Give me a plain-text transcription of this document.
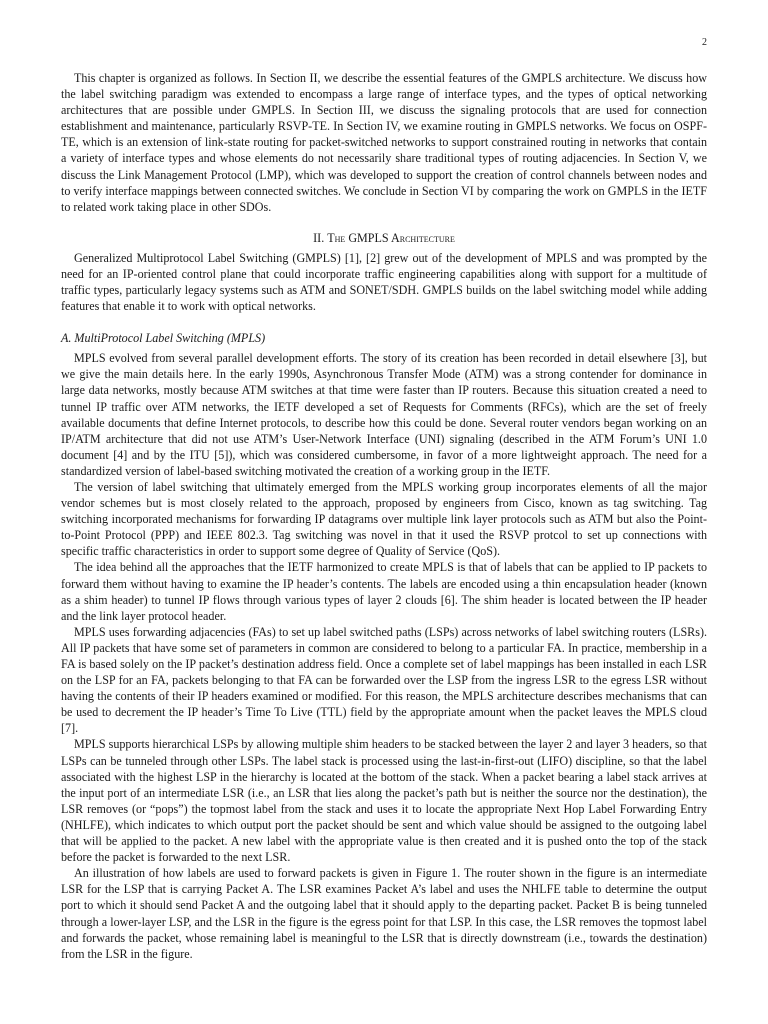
2

This chapter is organized as follows. In Section II, we describe the essential features of the GMPLS architecture. We discuss how the label switching paradigm was extended to encompass a large range of interface types, and the types of optical networking architectures that are possible under GMPLS. In Section III, we discuss the signaling protocols that are used for connection establishment and maintenance, particularly RSVP-TE. In Section IV, we examine routing in GMPLS networks. We focus on OSPF-TE, which is an extension of link-state routing for packet-switched networks to support constrained routing in networks that contain a variety of interface types and whose elements do not necessarily share traditional types of routing adjacencies. In Section V, we discuss the Link Management Protocol (LMP), which was developed to support the creation of control channels between nodes and to verify interface mappings between connected switches. We conclude in Section VI by comparing the work on GMPLS in the IETF to related work taking place in other SDOs.

II. The GMPLS Architecture

Generalized Multiprotocol Label Switching (GMPLS) [1], [2] grew out of the development of MPLS and was prompted by the need for an IP-oriented control plane that could incorporate traffic engineering capabilities along with support for a multitude of traffic types, particularly legacy systems such as ATM and SONET/SDH. GMPLS builds on the label switching model while adding features that enable it to work with optical networks.

A. MultiProtocol Label Switching (MPLS)

MPLS evolved from several parallel development efforts. The story of its creation has been recorded in detail elsewhere [3], but we give the main details here. In the early 1990s, Asynchronous Transfer Mode (ATM) was a strong contender for dominance in large data networks, mostly because ATM switches at that time were faster than IP routers. Because this situation created a need to tunnel IP traffic over ATM networks, the IETF developed a set of Requests for Comments (RFCs), which are the set of freely available documents that define Internet protocols, to describe how this could be done. Several router vendors began working on an IP/ATM architecture that did not use ATM’s User-Network Interface (UNI) signaling (described in the ATM Forum’s UNI 1.0 document [4] and by the ITU [5]), which was considered cumbersome, in favor of a more lightweight approach. The need for a standardized version of label-based switching motivated the creation of a working group in the IETF.

The version of label switching that ultimately emerged from the MPLS working group incorporates elements of all the major vendor schemes but is most closely related to the approach, proposed by engineers from Cisco, known as tag switching. Tag switching incorporated mechanisms for forwarding IP datagrams over multiple link layer protocols such as ATM but also the Point-to-Point Protocol (PPP) and IEEE 802.3. Tag switching was novel in that it used the RSVP protcol to set up connections with specific traffic characteristics in order to support some degree of Quality of Service (QoS).

The idea behind all the approaches that the IETF harmonized to create MPLS is that of labels that can be applied to IP packets to forward them without having to examine the IP header’s contents. The labels are encoded using a thin encapsulation header (known as a shim header) to tunnel IP flows through various types of layer 2 clouds [6]. The shim header is located between the IP header and the link layer protocol header.

MPLS uses forwarding adjacencies (FAs) to set up label switched paths (LSPs) across networks of label switching routers (LSRs). All IP packets that have some set of parameters in common are considered to belong to a particular FA. In practice, membership in a FA is based solely on the IP packet’s destination address field. Once a complete set of label mappings has been installed in each LSR on the LSP for an FA, packets belonging to that FA can be forwarded over the LSP from the ingress LSR to the egress LSR without having the contents of their IP headers examined or modified. For this reason, the MPLS architecture describes mechanisms that can be used to decrement the IP header’s Time To Live (TTL) field by the appropriate amount when the packet leaves the MPLS cloud [7].

MPLS supports hierarchical LSPs by allowing multiple shim headers to be stacked between the layer 2 and layer 3 headers, so that LSPs can be tunneled through other LSPs. The label stack is processed using the last-in-first-out (LIFO) discipline, so that the label associated with the highest LSP in the hierarchy is located at the bottom of the stack. When a packet bearing a label stack arrives at the input port of an intermediate LSR (i.e., an LSR that lies along the packet’s path but is neither the source nor the destination), the LSR removes (or “pops”) the topmost label from the stack and uses it to locate the appropriate Next Hop Label Forwarding Entry (NHLFE), which indicates to which output port the packet should be sent and which value should be assigned to the outgoing label that will be applied to the packet. A new label with the appropriate value is then created and it is pushed onto the top of the stack before the packet is forwarded to the next LSR.

An illustration of how labels are used to forward packets is given in Figure 1. The router shown in the figure is an intermediate LSR for the LSP that is carrying Packet A. The LSR examines Packet A’s label and uses the NHLFE table to determine the output port to which it should send Packet A and the outgoing label that it should apply to the departing packet. Packet B is being tunneled through a lower-layer LSP, and the LSR in the figure is the egress point for that LSP. In this case, the LSR removes the topmost label and forwards the packet, whose remaining label is meaningful to the LSR that is directly downstream (i.e., towards the destination) from the LSR in the figure.
